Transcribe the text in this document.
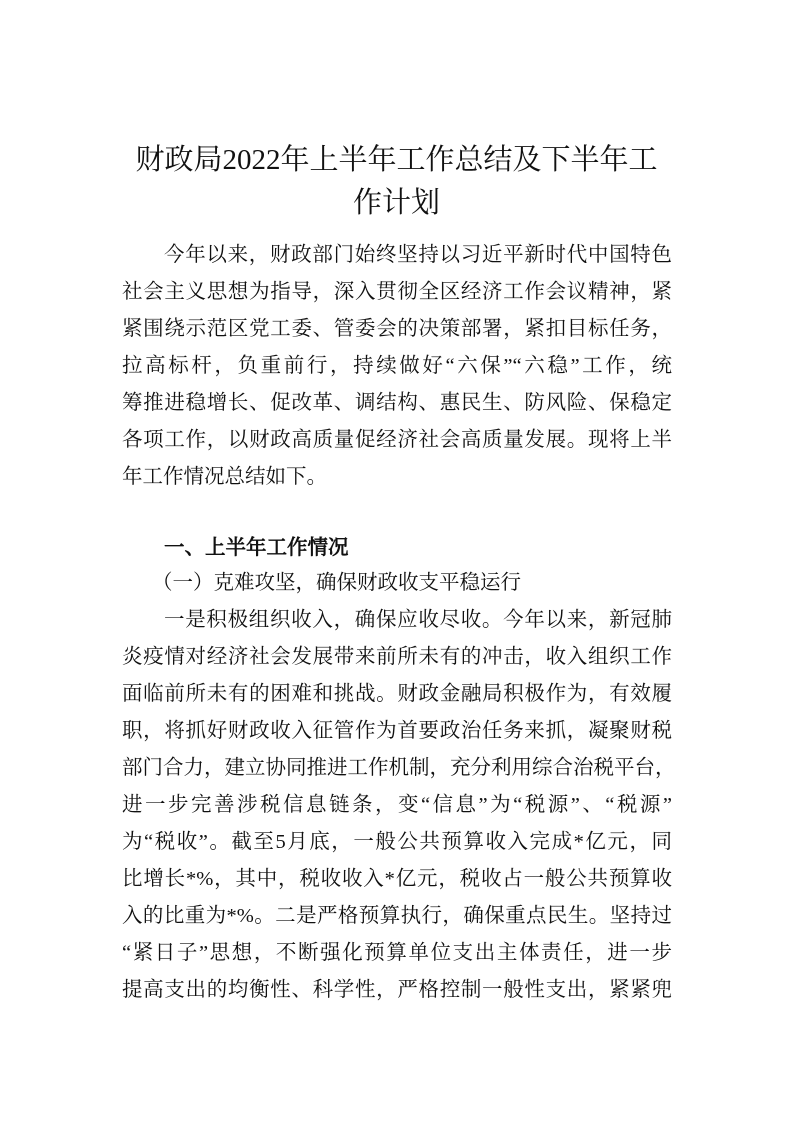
财政局2022年上半年工作总结及下半年工
作计划
今年以来，财政部门始终坚持以习近平新时代中国特色
社会主义思想为指导，深入贯彻全区经济工作会议精神，紧
紧围绕示范区党工委、管委会的决策部署，紧扣目标任务，
拉高标杆，负重前行，持续做好“六保”“六稳”工作，统
筹推进稳增长、促改革、调结构、惠民生、防风险、保稳定
各项工作，以财政高质量促经济社会高质量发展。现将上半
年工作情况总结如下。
一、上半年工作情况
（一）克难攻坚，确保财政收支平稳运行
一是积极组织收入，确保应收尽收。今年以来，新冠肺
炎疫情对经济社会发展带来前所未有的冲击，收入组织工作
面临前所未有的困难和挑战。财政金融局积极作为，有效履
职，将抓好财政收入征管作为首要政治任务来抓，凝聚财税
部门合力，建立协同推进工作机制，充分利用综合治税平台，
进一步完善涉税信息链条，变“信息”为“税源”、“税源”
为“税收”。截至5月底，一般公共预算收入完成*亿元，同
比增长*%，其中，税收收入*亿元，税收占一般公共预算收
入的比重为*%。二是严格预算执行，确保重点民生。坚持过
“紧日子”思想，不断强化预算单位支出主体责任，进一步
提高支出的均衡性、科学性，严格控制一般性支出，紧紧兜
